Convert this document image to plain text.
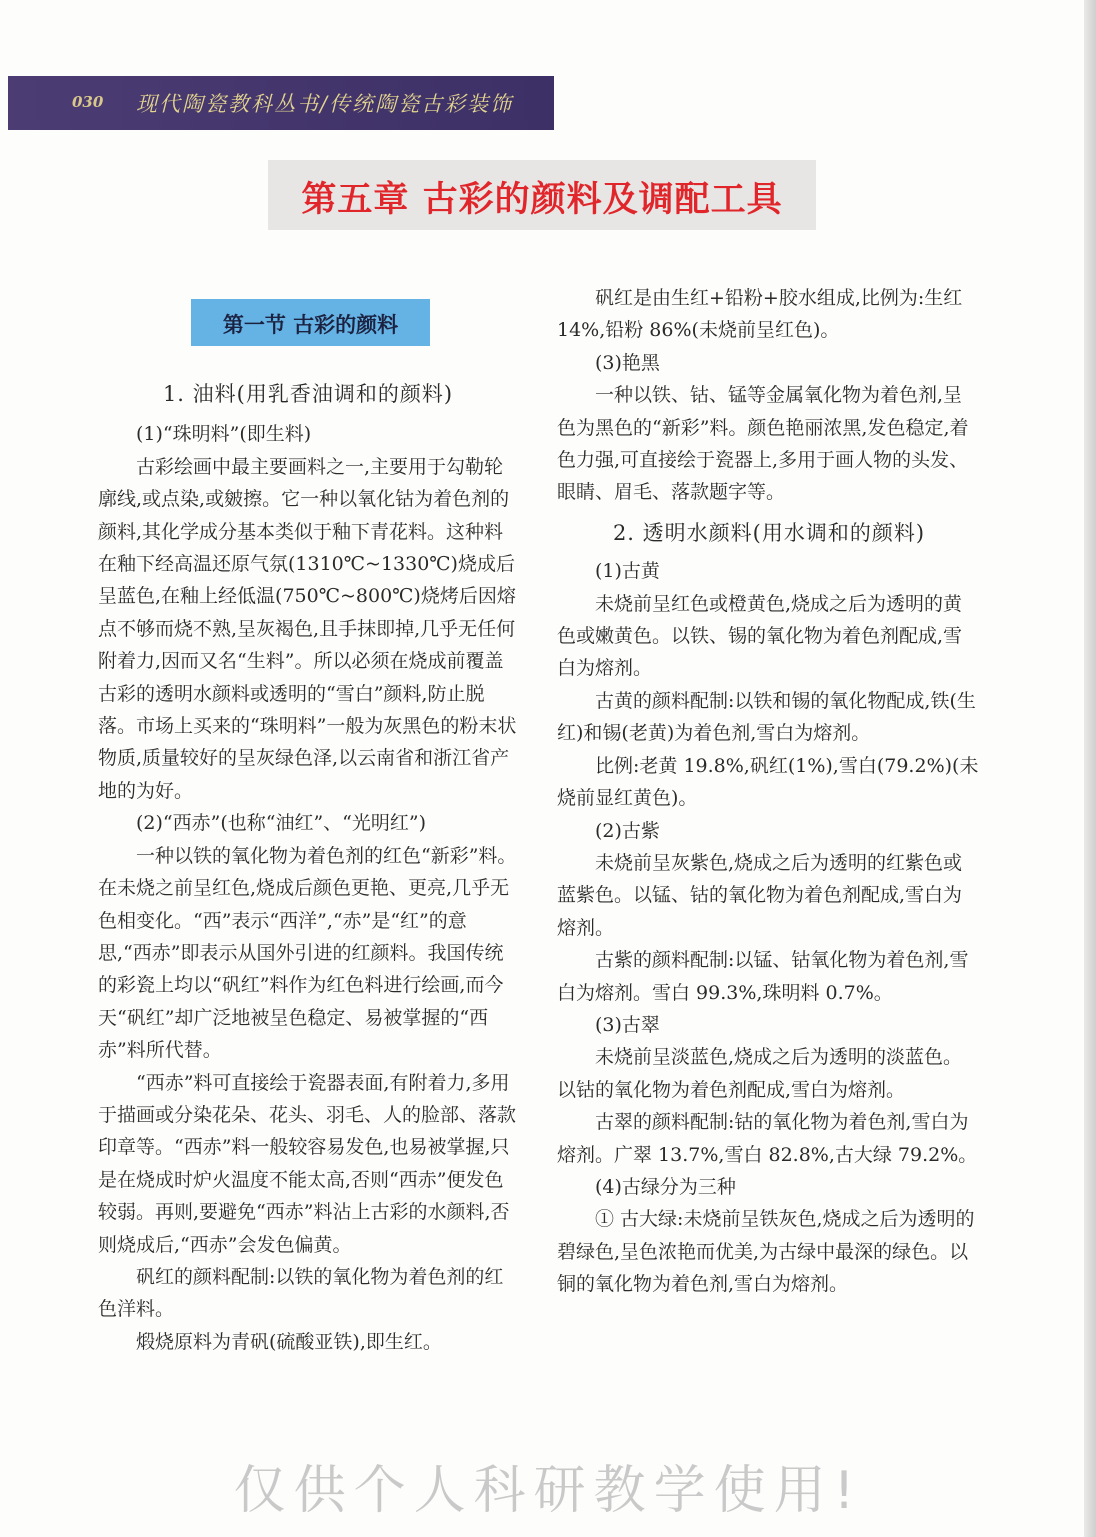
030 现代陶瓷教科丛书/传统陶瓷古彩装饰
第五章 古彩的颜料及调配工具
第一节 古彩的颜料

1. 油料(用乳香油调和的颜料)

(1)“珠明料”(即生料)

古彩绘画中最主要画料之一,主要用于勾勒轮廓线,或点染,或皴擦。它一种以氧化钴为着色剂的颜料,其化学成分基本类似于釉下青花料。这种料在釉下经高温还原气氛(1310℃~1330℃)烧成后呈蓝色,在釉上经低温(750℃~800℃)烧烤后因熔点不够而烧不熟,呈灰褐色,且手抹即掉,几乎无任何附着力,因而又名“生料”。所以必须在烧成前覆盖古彩的透明水颜料或透明的“雪白”颜料,防止脱落。市场上买来的“珠明料”一般为灰黑色的粉末状物质,质量较好的呈灰绿色泽,以云南省和浙江省产地的为好。

(2)“西赤”(也称“油红”、“光明红”)

一种以铁的氧化物为着色剂的红色“新彩”料。在未烧之前呈红色,烧成后颜色更艳、更亮,几乎无色相变化。“西”表示“西洋”,“赤”是“红”的意思,“西赤”即表示从国外引进的红颜料。我国传统的彩瓷上均以“矾红”料作为红色料进行绘画,而今天“矾红”却广泛地被呈色稳定、易被掌握的“西赤”料所代替。

“西赤”料可直接绘于瓷器表面,有附着力,多用于描画或分染花朵、花头、羽毛、人的脸部、落款印章等。“西赤”料一般较容易发色,也易被掌握,只是在烧成时炉火温度不能太高,否则“西赤”便发色较弱。再则,要避免“西赤”料沾上古彩的水颜料,否则烧成后,“西赤”会发色偏黄。

矾红的颜料配制:以铁的氧化物为着色剂的红色洋料。

煅烧原料为青矾(硫酸亚铁),即生红。

矾红是由生红+铅粉+胶水组成,比例为:生红 14%,铅粉 86%(未烧前呈红色)。

(3)艳黑

一种以铁、钴、锰等金属氧化物为着色剂,呈色为黑色的“新彩”料。颜色艳丽浓黑,发色稳定,着色力强,可直接绘于瓷器上,多用于画人物的头发、眼睛、眉毛、落款题字等。

2. 透明水颜料(用水调和的颜料)

(1)古黄

未烧前呈红色或橙黄色,烧成之后为透明的黄色或嫩黄色。以铁、锡的氧化物为着色剂配成,雪白为熔剂。

古黄的颜料配制:以铁和锡的氧化物配成,铁(生红)和锡(老黄)为着色剂,雪白为熔剂。

比例:老黄 19.8%,矾红(1%),雪白(79.2%)(未烧前显红黄色)。

(2)古紫

未烧前呈灰紫色,烧成之后为透明的红紫色或蓝紫色。以锰、钴的氧化物为着色剂配成,雪白为熔剂。

古紫的颜料配制:以锰、钴氧化物为着色剂,雪白为熔剂。雪白 99.3%,珠明料 0.7%。

(3)古翠

未烧前呈淡蓝色,烧成之后为透明的淡蓝色。以钴的氧化物为着色剂配成,雪白为熔剂。

古翠的颜料配制:钴的氧化物为着色剂,雪白为熔剂。广翠 13.7%,雪白 82.8%,古大绿 79.2%。

(4)古绿分为三种

① 古大绿:未烧前呈铁灰色,烧成之后为透明的碧绿色,呈色浓艳而优美,为古绿中最深的绿色。以铜的氧化物为着色剂,雪白为熔剂。

仅供个人科研教学使用!
